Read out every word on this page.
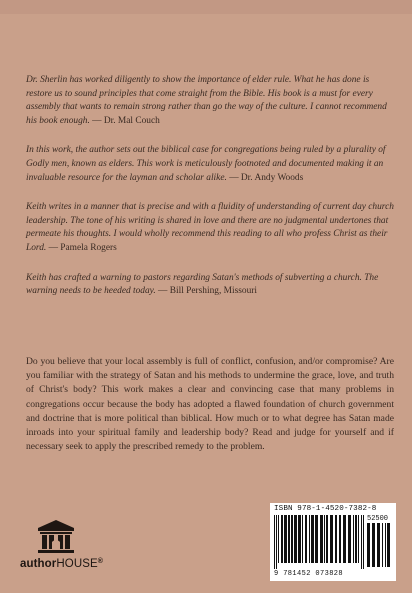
Dr. Sherlin has worked diligently to show the importance of elder rule. What he has done is restore us to sound principles that come straight from the Bible. His book is a must for every assembly that wants to remain strong rather than go the way of the culture. I cannot recommend his book enough. — Dr. Mal Couch

In this work, the author sets out the biblical case for congregations being ruled by a plurality of Godly men, known as elders. This work is meticulously footnoted and documented making it an invaluable resource for the layman and scholar alike. — Dr. Andy Woods

Keith writes in a manner that is precise and with a fluidity of understanding of current day church leadership. The tone of his writing is shared in love and there are no judgmental undertones that permeate his thoughts. I would wholly recommend this reading to all who profess Christ as their Lord. — Pamela Rogers

Keith has crafted a warning to pastors regarding Satan's methods of subverting a church. The warning needs to be heeded today. — Bill Pershing, Missouri

Do you believe that your local assembly is full of conflict, confusion, and/or compromise? Are you familiar with the strategy of Satan and his methods to undermine the grace, love, and truth of Christ's body? This work makes a clear and convincing case that many problems in congregations occur because the body has adopted a flawed foundation of church government and doctrine that is more political than biblical. How much or to what degree has Satan made inroads into your spiritual family and leadership body? Read and judge for yourself and if necessary seek to apply the prescribed remedy to the problem.

authorHOUSE®
ISBN 978-1-4520-7382-8
52500
9 781452 073828
